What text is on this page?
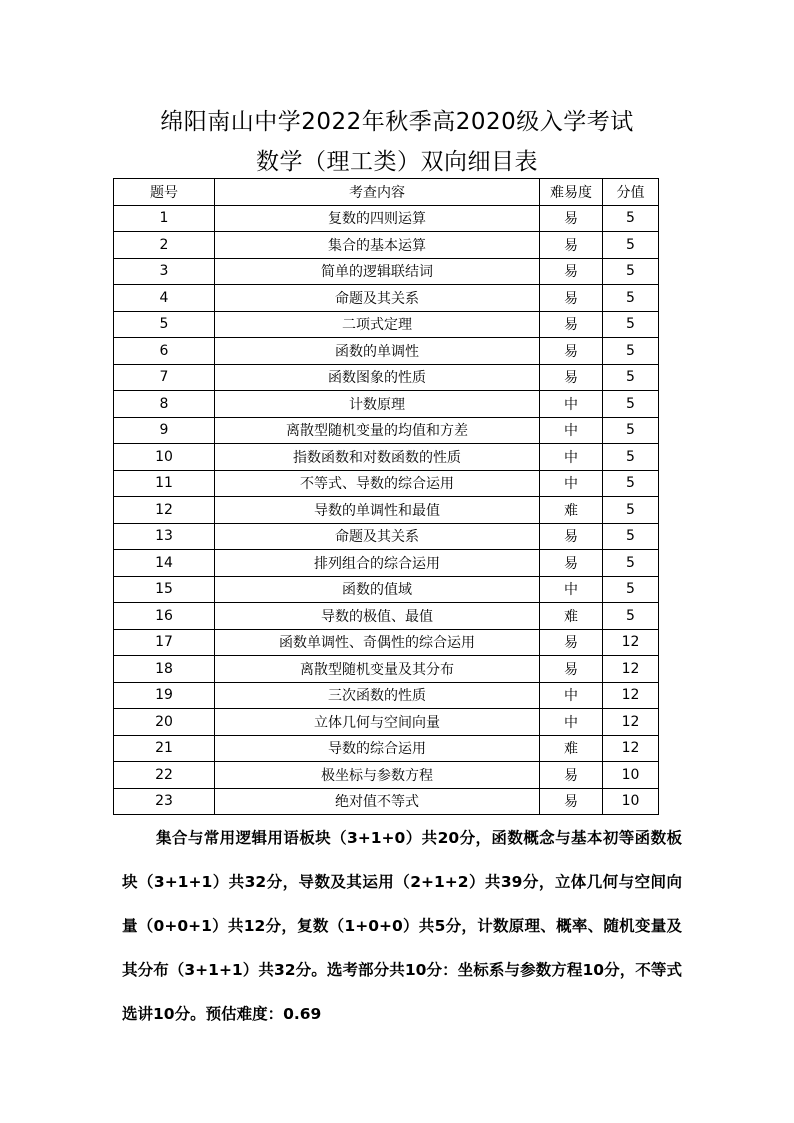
绵阳南山中学2022年秋季高2020级入学考试
数学（理工类）双向细目表
题号	考查内容	难易度	分值
1	复数的四则运算	易	5
2	集合的基本运算	易	5
3	简单的逻辑联结词	易	5
4	命题及其关系	易	5
5	二项式定理	易	5
6	函数的单调性	易	5
7	函数图象的性质	易	5
8	计数原理	中	5
9	离散型随机变量的均值和方差	中	5
10	指数函数和对数函数的性质	中	5
11	不等式、导数的综合运用	中	5
12	导数的单调性和最值	难	5
13	命题及其关系	易	5
14	排列组合的综合运用	易	5
15	函数的值域	中	5
16	导数的极值、最值	难	5
17	函数单调性、奇偶性的综合运用	易	12
18	离散型随机变量及其分布	易	12
19	三次函数的性质	中	12
20	立体几何与空间向量	中	12
21	导数的综合运用	难	12
22	极坐标与参数方程	易	10
23	绝对值不等式	易	10

集合与常用逻辑用语板块（3+1+0）共20分，函数概念与基本初等函数板块（3+1+1）共32分，导数及其运用（2+1+2）共39分，立体几何与空间向量（0+0+1）共12分，复数（1+0+0）共5分，计数原理、概率、随机变量及其分布（3+1+1）共32分。选考部分共10分：坐标系与参数方程10分，不等式选讲10分。预估难度：0.69
